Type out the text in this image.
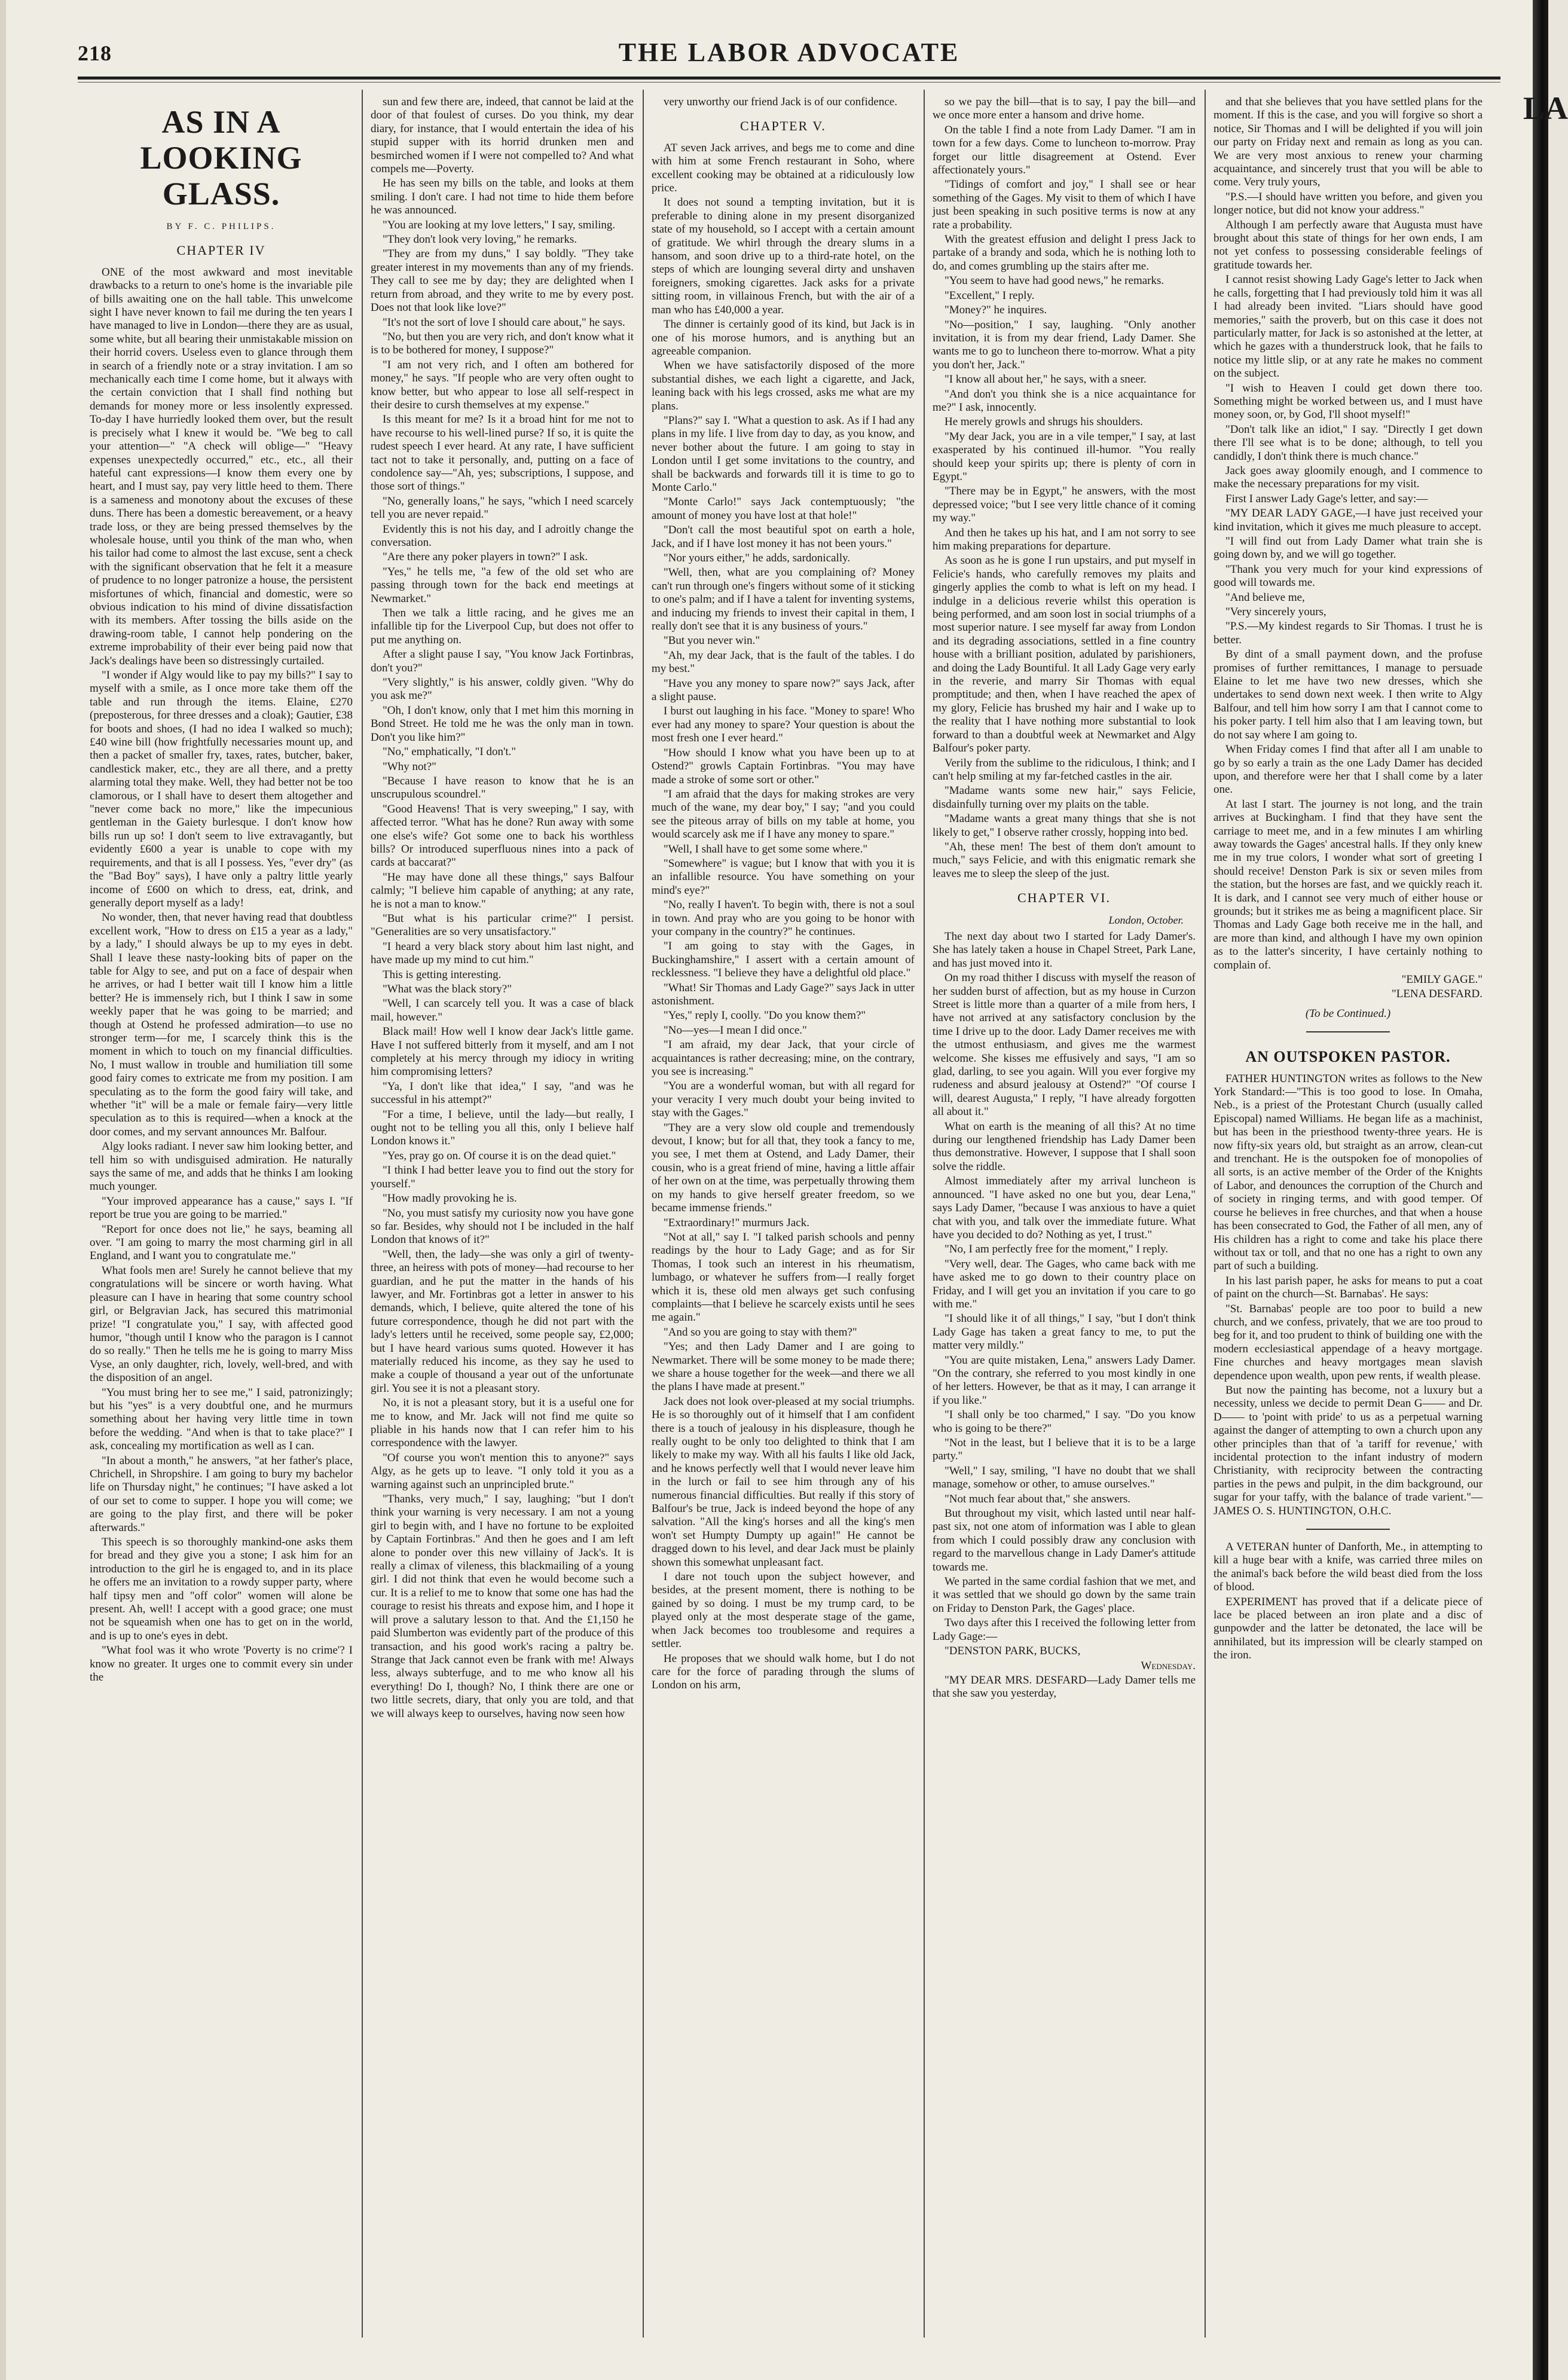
218	THE LABOR ADVOCATE
LA
AS IN A LOOKING GLASS.
BY F. C. PHILIPS.
CHAPTER IV

ONE of the most awkward and most inevitable drawbacks to a return to one's home is the invariable pile of bills awaiting one on the hall table. This unwelcome sight I have never known to fail me during the ten years I have managed to live in London—there they are as usual, some white, but all bearing their unmistakable mission on their horrid covers. Useless even to glance through them in search of a friendly note or a stray invitation. I am so mechanically each time I come home, but it always with the certain conviction that I shall find nothing but demands for money more or less insolently expressed. To-day I have hurriedly looked them over, but the result is precisely what I knew it would be. "We beg to call your attention—" "A check will oblige—" "Heavy expenses unexpectedly occurred," etc., etc., all their hateful cant expressions—I know them every one by heart, and I must say, pay very little heed to them. There is a sameness and monotony about the excuses of these duns. There has been a domestic bereavement, or a heavy trade loss, or they are being pressed themselves by the wholesale house, until you think of the man who, when his tailor had come to almost the last excuse, sent a check with the significant observation that he felt it a measure of prudence to no longer patronize a house, the persistent misfortunes of which, financial and domestic, were so obvious indication to his mind of divine dissatisfaction with its members. After tossing the bills aside on the drawing-room table, I cannot help pondering on the extreme improbability of their ever being paid now that Jack's dealings have been so distressingly curtailed.

"I wonder if Algy would like to pay my bills?" I say to myself with a smile, as I once more take them off the table and run through the items. Elaine, £270 (preposterous, for three dresses and a cloak); Gautier, £38 for boots and shoes, (I had no idea I walked so much); £40 wine bill (how frightfully necessaries mount up, and then a packet of smaller fry, taxes, rates, butcher, baker, candlestick maker, etc., they are all there, and a pretty alarming total they make. Well, they had better not be too clamorous, or I shall have to desert them altogether and "never come back no more," like the impecunious gentleman in the Gaiety burlesque. I don't know how bills run up so! I don't seem to live extravagantly, but evidently £600 a year is unable to cope with my requirements, and that is all I possess. Yes, "ever dry" (as the "Bad Boy" says), I have only a paltry little yearly income of £600 on which to dress, eat, drink, and generally deport myself as a lady!

No wonder, then, that never having read that doubtless excellent work, "How to dress on £15 a year as a lady," by a lady," I should always be up to my eyes in debt. Shall I leave these nasty-looking bits of paper on the table for Algy to see, and put on a face of despair when he arrives, or had I better wait till I know him a little better? He is immensely rich, but I think I saw in some weekly paper that he was going to be married; and though at Ostend he professed admiration—to use no stronger term—for me, I scarcely think this is the moment in which to touch on my financial difficulties. No, I must wallow in trouble and humiliation till some good fairy comes to extricate me from my position. I am speculating as to the form the good fairy will take, and whether "it" will be a male or female fairy—very little speculation as to this is required—when a knock at the door comes, and my servant announces Mr. Balfour.

Algy looks radiant. I never saw him looking better, and tell him so with undisguised admiration. He naturally says the same of me, and adds that he thinks I am looking much younger.

"Your improved appearance has a cause," says I. "If report be true you are going to be married."

"Report for once does not lie," he says, beaming all over. "I am going to marry the most charming girl in all England, and I want you to congratulate me."

What fools men are! Surely he cannot believe that my congratulations will be sincere or worth having. What pleasure can I have in hearing that some country school girl, or Belgravian Jack, has secured this matrimonial prize! "I congratulate you," I say, with affected good humor, "though until I know who the paragon is I cannot do so really." Then he tells me he is going to marry Miss Vyse, an only daughter, rich, lovely, well-bred, and with the disposition of an angel.

"You must bring her to see me," I said, patronizingly; but his "yes" is a very doubtful one, and he murmurs something about her having very little time in town before the wedding. "And when is that to take place?" I ask, concealing my mortification as well as I can.

"In about a month," he answers, "at her father's place, Chrichell, in Shropshire. I am going to bury my bachelor life on Thursday night," he continues; "I have asked a lot of our set to come to supper. I hope you will come; we are going to the play first, and there will be poker afterwards."

This speech is so thoroughly mankind-one asks them for bread and they give you a stone; I ask him for an introduction to the girl he is engaged to, and in its place he offers me an invitation to a rowdy supper party, where half tipsy men and "off color" women will alone be present. Ah, well! I accept with a good grace; one must not be squeamish when one has to get on in the world, and is up to one's eyes in debt.

"What fool was it who wrote 'Poverty is no crime'? I know no greater. It urges one to commit every sin under the

sun and few there are, indeed, that cannot be laid at the door of that foulest of curses. Do you think, my dear diary, for instance, that I would entertain the idea of his stupid supper with its horrid drunken men and besmirched women if I were not compelled to? And what compels me—Poverty.

He has seen my bills on the table, and looks at them smiling. I don't care. I had not time to hide them before he was announced.

"You are looking at my love letters," I say, smiling.

"They don't look very loving," he remarks.

"They are from my duns," I say boldly. "They take greater interest in my movements than any of my friends. They call to see me by day; they are delighted when I return from abroad, and they write to me by every post. Does not that look like love?"

"It's not the sort of love I should care about," he says.

"No, but then you are very rich, and don't know what it is to be bothered for money, I suppose?"

"I am not very rich, and I often am bothered for money," he says. "If people who are very often ought to know better, but who appear to lose all self-respect in their desire to cursh themselves at my expense."

Is this meant for me? Is it a broad hint for me not to have recourse to his well-lined purse? If so, it is quite the rudest speech I ever heard. At any rate, I have sufficient tact not to take it personally, and, putting on a face of condolence say—"Ah, yes; subscriptions, I suppose, and those sort of things."

"No, generally loans," he says, "which I need scarcely tell you are never repaid."

Evidently this is not his day, and I adroitly change the conversation.

"Are there any poker players in town?" I ask.

"Yes," he tells me, "a few of the old set who are passing through town for the back end meetings at Newmarket."

Then we talk a little racing, and he gives me an infallible tip for the Liverpool Cup, but does not offer to put me anything on.

After a slight pause I say, "You know Jack Fortinbras, don't you?"

"Very slightly," is his answer, coldly given. "Why do you ask me?"

"Oh, I don't know, only that I met him this morning in Bond Street. He told me he was the only man in town. Don't you like him?"

"No," emphatically, "I don't."

"Why not?"

"Because I have reason to know that he is an unscrupulous scoundrel."

"Good Heavens! That is very sweeping," I say, with affected terror. "What has he done? Run away with some one else's wife? Got some one to back his worthless bills? Or introduced superfluous nines into a pack of cards at baccarat?"

"He may have done all these things," says Balfour calmly; "I believe him capable of anything; at any rate, he is not a man to know."

"But what is his particular crime?" I persist. "Generalities are so very unsatisfactory."

"I heard a very black story about him last night, and have made up my mind to cut him."

This is getting interesting.

"What was the black story?"

"Well, I can scarcely tell you. It was a case of black mail, however."

Black mail! How well I know dear Jack's little game. Have I not suffered bitterly from it myself, and am I not completely at his mercy through my idiocy in writing him compromising letters?

"Ya, I don't like that idea," I say, "and was he successful in his attempt?"

"For a time, I believe, until the lady—but really, I ought not to be telling you all this, only I believe half London knows it."

"Yes, pray go on. Of course it is on the dead quiet."

"I think I had better leave you to find out the story for yourself."

"How madly provoking he is.

"No, you must satisfy my curiosity now you have gone so far. Besides, why should not I be included in the half London that knows of it?"

"Well, then, the lady—she was only a girl of twenty-three, an heiress with pots of money—had recourse to her guardian, and he put the matter in the hands of his lawyer, and Mr. Fortinbras got a letter in answer to his demands, which, I believe, quite altered the tone of his future correspondence, though he did not part with the lady's letters until he received, some people say, £2,000; but I have heard various sums quoted. However it has materially reduced his income, as they say he used to make a couple of thousand a year out of the unfortunate girl. You see it is not a pleasant story.

No, it is not a pleasant story, but it is a useful one for me to know, and Mr. Jack will not find me quite so pliable in his hands now that I can refer him to his correspondence with the lawyer.

"Of course you won't mention this to anyone?" says Algy, as he gets up to leave. "I only told it you as a warning against such an unprincipled brute."

"Thanks, very much," I say, laughing; "but I don't think your warning is very necessary. I am not a young girl to begin with, and I have no fortune to be exploited by Captain Fortinbras." And then he goes and I am left alone to ponder over this new villainy of Jack's. It is really a climax of vileness, this blackmailing of a young girl. I did not think that even he would become such a cur. It is a relief to me to know that some one has had the courage to resist his threats and expose him, and I hope it will prove a salutary lesson to that. And the £1,150 he paid Slumberton was evidently part of the produce of this transaction, and his good work's racing a paltry be. Strange that Jack cannot even be frank with me! Always less, always subterfuge, and to me who know all his everything! Do I, though? No, I think there are one or two little secrets, diary, that only you are told, and that we will always keep to ourselves, having now seen how

very unworthy our friend Jack is of our confidence.

CHAPTER V.

AT seven Jack arrives, and begs me to come and dine with him at some French restaurant in Soho, where excellent cooking may be obtained at a ridiculously low price.

It does not sound a tempting invitation, but it is preferable to dining alone in my present disorganized state of my household, so I accept with a certain amount of gratitude. We whirl through the dreary slums in a hansom, and soon drive up to a third-rate hotel, on the steps of which are lounging several dirty and unshaven foreigners, smoking cigarettes. Jack asks for a private sitting room, in villainous French, but with the air of a man who has £40,000 a year.

The dinner is certainly good of its kind, but Jack is in one of his morose humors, and is anything but an agreeable companion.

When we have satisfactorily disposed of the more substantial dishes, we each light a cigarette, and Jack, leaning back with his legs crossed, asks me what are my plans.

"Plans?" say I. "What a question to ask. As if I had any plans in my life. I live from day to day, as you know, and never bother about the future. I am going to stay in London until I get some invitations to the country, and shall be backwards and forwards till it is time to go to Monte Carlo."

"Monte Carlo!" says Jack contemptuously; "the amount of money you have lost at that hole!"

"Don't call the most beautiful spot on earth a hole, Jack, and if I have lost money it has not been yours."

"Nor yours either," he adds, sardonically.

"Well, then, what are you complaining of? Money can't run through one's fingers without some of it sticking to one's palm; and if I have a talent for inventing systems, and inducing my friends to invest their capital in them, I really don't see that it is any business of yours."

"But you never win."

"Ah, my dear Jack, that is the fault of the tables. I do my best."

"Have you any money to spare now?" says Jack, after a slight pause.

I burst out laughing in his face. "Money to spare! Who ever had any money to spare? Your question is about the most fresh one I ever heard."

"How should I know what you have been up to at Ostend?" growls Captain Fortinbras. "You may have made a stroke of some sort or other."

"I am afraid that the days for making strokes are very much of the wane, my dear boy," I say; "and you could see the piteous array of bills on my table at home, you would scarcely ask me if I have any money to spare."

"Well, I shall have to get some some where."

"Somewhere" is vague; but I know that with you it is an infallible resource. You have something on your mind's eye?"

"No, really I haven't. To begin with, there is not a soul in town. And pray who are you going to be honor with your company in the country?" he continues.

"I am going to stay with the Gages, in Buckinghamshire," I assert with a certain amount of recklessness. "I believe they have a delightful old place."

"What! Sir Thomas and Lady Gage?" says Jack in utter astonishment.

"Yes," reply I, coolly. "Do you know them?"

"No—yes—I mean I did once."

"I am afraid, my dear Jack, that your circle of acquaintances is rather decreasing; mine, on the contrary, you see is increasing."

"You are a wonderful woman, but with all regard for your veracity I very much doubt your being invited to stay with the Gages."

"They are a very slow old couple and tremendously devout, I know; but for all that, they took a fancy to me, you see, I met them at Ostend, and Lady Damer, their cousin, who is a great friend of mine, having a little affair of her own on at the time, was perpetually throwing them on my hands to give herself greater freedom, so we became immense friends."

"Extraordinary!" murmurs Jack.

"Not at all," say I. "I talked parish schools and penny readings by the hour to Lady Gage; and as for Sir Thomas, I took such an interest in his rheumatism, lumbago, or whatever he suffers from—I really forget which it is, these old men always get such confusing complaints—that I believe he scarcely exists until he sees me again."

"And so you are going to stay with them?"

"Yes; and then Lady Damer and I are going to Newmarket. There will be some money to be made there; we share a house together for the week—and there we all the plans I have made at present."

Jack does not look over-pleased at my social triumphs. He is so thoroughly out of it himself that I am confident there is a touch of jealousy in his displeasure, though he really ought to be only too delighted to think that I am likely to make my way. With all his faults I like old Jack, and he knows perfectly well that I would never leave him in the lurch or fail to see him through any of his numerous financial difficulties. But really if this story of Balfour's be true, Jack is indeed beyond the hope of any salvation. "All the king's horses and all the king's men won't set Humpty Dumpty up again!" He cannot be dragged down to his level, and dear Jack must be plainly shown this somewhat unpleasant fact.

I dare not touch upon the subject however, and besides, at the present moment, there is nothing to be gained by so doing. I must be my trump card, to be played only at the most desperate stage of the game, when Jack becomes too troublesome and requires a settler.

He proposes that we should walk home, but I do not care for the force of parading through the slums of London on his arm,

so we pay the bill—that is to say, I pay the bill—and we once more enter a hansom and drive home.

On the table I find a note from Lady Damer. "I am in town for a few days. Come to luncheon to-morrow. Pray forget our little disagreement at Ostend. Ever affectionately yours."

"Tidings of comfort and joy," I shall see or hear something of the Gages. My visit to them of which I have just been speaking in such positive terms is now at any rate a probability.

With the greatest effusion and delight I press Jack to partake of a brandy and soda, which he is nothing loth to do, and comes grumbling up the stairs after me.

"You seem to have had good news," he remarks.

"Excellent," I reply.

"Money?" he inquires.

"No—position," I say, laughing. "Only another invitation, it is from my dear friend, Lady Damer. She wants me to go to luncheon there to-morrow. What a pity you don't her, Jack."

"I know all about her," he says, with a sneer.

"And don't you think she is a nice acquaintance for me?" I ask, innocently.

He merely growls and shrugs his shoulders.

"My dear Jack, you are in a vile temper," I say, at last exasperated by his continued ill-humor. "You really should keep your spirits up; there is plenty of corn in Egypt."

"There may be in Egypt," he answers, with the most depressed voice; "but I see very little chance of it coming my way."

And then he takes up his hat, and I am not sorry to see him making preparations for departure.

As soon as he is gone I run upstairs, and put myself in Felicie's hands, who carefully removes my plaits and gingerly applies the comb to what is left on my head. I indulge in a delicious reverie whilst this operation is being performed, and am soon lost in social triumphs of a most superior nature. I see myself far away from London and its degrading associations, settled in a fine country house with a brilliant position, adulated by parishioners, and doing the Lady Bountiful. It all Lady Gage very early in the reverie, and marry Sir Thomas with equal promptitude; and then, when I have reached the apex of my glory, Felicie has brushed my hair and I wake up to the reality that I have nothing more substantial to look forward to than a doubtful week at Newmarket and Algy Balfour's poker party.

Verily from the sublime to the ridiculous, I think; and I can't help smiling at my far-fetched castles in the air.

"Madame wants some new hair," says Felicie, disdainfully turning over my plaits on the table.

"Madame wants a great many things that she is not likely to get," I observe rather crossly, hopping into bed.

"Ah, these men! The best of them don't amount to much," says Felicie, and with this enigmatic remark she leaves me to sleep the sleep of the just.

CHAPTER VI.
London, October.

The next day about two I started for Lady Damer's. She has lately taken a house in Chapel Street, Park Lane, and has just moved into it.

On my road thither I discuss with myself the reason of her sudden burst of affection, but as my house in Curzon Street is little more than a quarter of a mile from hers, I have not arrived at any satisfactory conclusion by the time I drive up to the door. Lady Damer receives me with the utmost enthusiasm, and gives me the warmest welcome. She kisses me effusively and says, "I am so glad, darling, to see you again. Will you ever forgive my rudeness and absurd jealousy at Ostend?" "Of course I will, dearest Augusta," I reply, "I have already forgotten all about it."

What on earth is the meaning of all this? At no time during our lengthened friendship has Lady Damer been thus demonstrative. However, I suppose that I shall soon solve the riddle.

Almost immediately after my arrival luncheon is announced. "I have asked no one but you, dear Lena," says Lady Damer, "because I was anxious to have a quiet chat with you, and talk over the immediate future. What have you decided to do? Nothing as yet, I trust."

"No, I am perfectly free for the moment," I reply.

"Very well, dear. The Gages, who came back with me have asked me to go down to their country place on Friday, and I will get you an invitation if you care to go with me."

"I should like it of all things," I say, "but I don't think Lady Gage has taken a great fancy to me, to put the matter very mildly."

"You are quite mistaken, Lena," answers Lady Damer. "On the contrary, she referred to you most kindly in one of her letters. However, be that as it may, I can arrange it if you like."

"I shall only be too charmed," I say. "Do you know who is going to be there?"

"Not in the least, but I believe that it is to be a large party."

"Well," I say, smiling, "I have no doubt that we shall manage, somehow or other, to amuse ourselves."

"Not much fear about that," she answers.

But throughout my visit, which lasted until near half-past six, not one atom of information was I able to glean from which I could possibly draw any conclusion with regard to the marvellous change in Lady Damer's attitude towards me.

We parted in the same cordial fashion that we met, and it was settled that we should go down by the same train on Friday to Denston Park, the Gages' place.

Two days after this I received the following letter from Lady Gage:—

"DENSTON PARK, BUCKS,

Wednesday.

"MY DEAR MRS. DESFARD—Lady Damer tells me that she saw you yesterday,

and that she believes that you have settled plans for the moment. If this is the case, and you will forgive so short a notice, Sir Thomas and I will be delighted if you will join our party on Friday next and remain as long as you can. We are very most anxious to renew your charming acquaintance, and sincerely trust that you will be able to come. Very truly yours,

"P.S.—I should have written you before, and given you longer notice, but did not know your address."

Although I am perfectly aware that Augusta must have brought about this state of things for her own ends, I am not yet confess to possessing considerable feelings of gratitude towards her.

I cannot resist showing Lady Gage's letter to Jack when he calls, forgetting that I had previously told him it was all I had already been invited. "Liars should have good memories," saith the proverb, but on this case it does not particularly matter, for Jack is so astonished at the letter, at which he gazes with a thunderstruck look, that he fails to notice my little slip, or at any rate he makes no comment on the subject.

"I wish to Heaven I could get down there too. Something might be worked between us, and I must have money soon, or, by God, I'll shoot myself!"

"Don't talk like an idiot," I say. "Directly I get down there I'll see what is to be done; although, to tell you candidly, I don't think there is much chance."

Jack goes away gloomily enough, and I commence to make the necessary preparations for my visit.

First I answer Lady Gage's letter, and say:—

"MY DEAR LADY GAGE,—I have just received your kind invitation, which it gives me much pleasure to accept.

"I will find out from Lady Damer what train she is going down by, and we will go together.

"Thank you very much for your kind expressions of good will towards me.

"And believe me,

"Very sincerely yours,

"P.S.—My kindest regards to Sir Thomas. I trust he is better.

By dint of a small payment down, and the profuse promises of further remittances, I manage to persuade Elaine to let me have two new dresses, which she undertakes to send down next week. I then write to Algy Balfour, and tell him how sorry I am that I cannot come to his poker party. I tell him also that I am leaving town, but do not say where I am going to.

When Friday comes I find that after all I am unable to go by so early a train as the one Lady Damer has decided upon, and therefore were her that I shall come by a later one.

At last I start. The journey is not long, and the train arrives at Buckingham. I find that they have sent the carriage to meet me, and in a few minutes I am whirling away towards the Gages' ancestral halls. If they only knew me in my true colors, I wonder what sort of greeting I should receive! Denston Park is six or seven miles from the station, but the horses are fast, and we quickly reach it. It is dark, and I cannot see very much of either house or grounds; but it strikes me as being a magnificent place. Sir Thomas and Lady Gage both receive me in the hall, and are more than kind, and although I have my own opinion as to the latter's sincerity, I have certainly nothing to complain of.

"EMILY GAGE."

"LENA DESFARD.

(To be Continued.)
AN OUTSPOKEN PASTOR.

FATHER HUNTINGTON writes as follows to the New York Standard:—"This is too good to lose. In Omaha, Neb., is a priest of the Protestant Church (usually called Episcopal) named Williams. He began life as a machinist, but has been in the priesthood twenty-three years. He is now fifty-six years old, but straight as an arrow, clean-cut and trenchant. He is the outspoken foe of monopolies of all sorts, is an active member of the Order of the Knights of Labor, and denounces the corruption of the Church and of society in ringing terms, and with good temper. Of course he believes in free churches, and that when a house has been consecrated to God, the Father of all men, any of His children has a right to come and take his place there without tax or toll, and that no one has a right to own any part of such a building.

In his last parish paper, he asks for means to put a coat of paint on the church—St. Barnabas'. He says:

"St. Barnabas' people are too poor to build a new church, and we confess, privately, that we are too proud to beg for it, and too prudent to think of building one with the modern ecclesiastical appendage of a heavy mortgage. Fine churches and heavy mortgages mean slavish dependence upon wealth, upon pew rents, if wealth please.

But now the painting has become, not a luxury but a necessity, unless we decide to permit Dean G—— and Dr. D—— to 'point with pride' to us as a perpetual warning against the danger of attempting to own a church upon any other principles than that of 'a tariff for revenue,' with incidental protection to the infant industry of modern Christianity, with reciprocity between the contracting parties in the pews and pulpit, in the dim background, our sugar for your taffy, with the balance of trade varient."—JAMES O. S. HUNTINGTON, O.H.C.

A VETERAN hunter of Danforth, Me., in attempting to kill a huge bear with a knife, was carried three miles on the animal's back before the wild beast died from the loss of blood.

EXPERIMENT has proved that if a delicate piece of lace be placed between an iron plate and a disc of gunpowder and the latter be detonated, the lace will be annihilated, but its impression will be clearly stamped on the iron.
